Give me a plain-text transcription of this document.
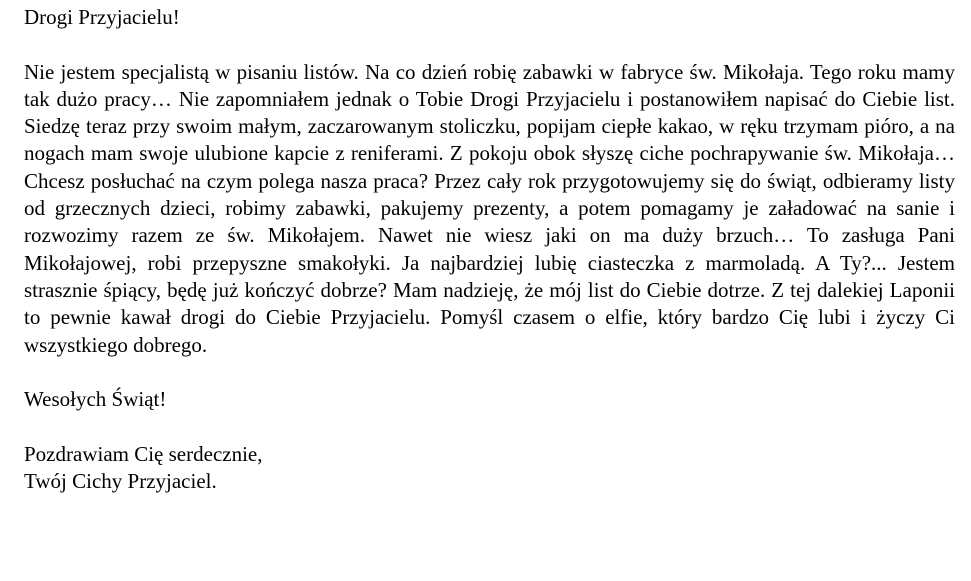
Drogi Przyjacielu!

Nie jestem specjalistą w pisaniu listów. Na co dzień robię zabawki w fabryce św. Mikołaja. Tego roku mamy tak dużo pracy… Nie zapomniałem jednak o Tobie Drogi Przyjacielu i postanowiłem napisać do Ciebie list. Siedzę teraz przy swoim małym, zaczarowanym stoliczku, popijam ciepłe kakao, w ręku trzymam pióro, a na nogach mam swoje ulubione kapcie z reniferami. Z pokoju obok słyszę ciche pochrapywanie św. Mikołaja… Chcesz posłuchać na czym polega nasza praca? Przez cały rok przygotowujemy się do świąt, odbieramy listy od grzecznych dzieci, robimy zabawki, pakujemy prezenty, a potem pomagamy je załadować na sanie i rozwozimy razem ze św. Mikołajem. Nawet nie wiesz jaki on ma duży brzuch… To zasługa Pani Mikołajowej, robi przepyszne smakołyki. Ja najbardziej lubię ciasteczka z marmoladą. A Ty?... Jestem strasznie śpiący, będę już kończyć dobrze? Mam nadzieję, że mój list do Ciebie dotrze. Z tej dalekiej Laponii to pewnie kawał drogi do Ciebie Przyjacielu. Pomyśl czasem o elfie, który bardzo Cię lubi i życzy Ci wszystkiego dobrego.

Wesołych Świąt!

Pozdrawiam Cię serdecznie,

Twój Cichy Przyjaciel.
